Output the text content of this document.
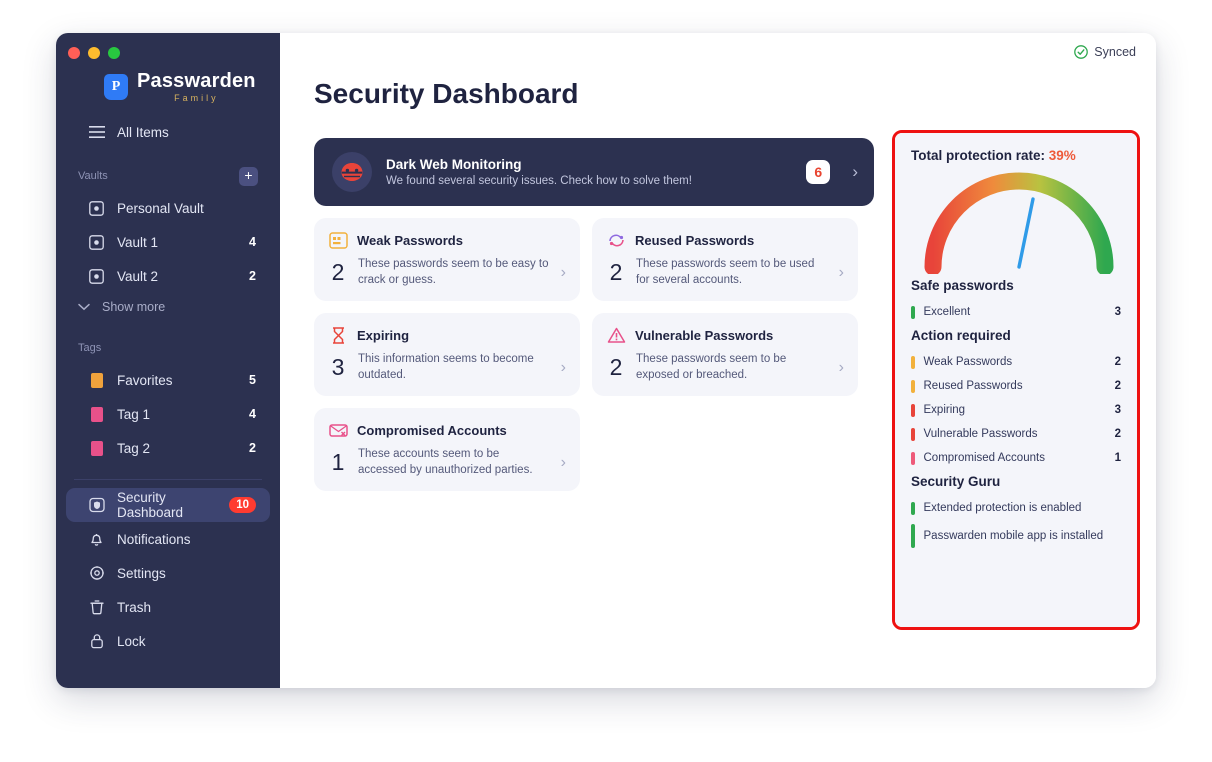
P Passwarden
Family
All Items
Vaults	+
Personal Vault
Vault 1	4
Vault 2	2
Show more
Tags
Favorites	5
Tag 1	4
Tag 2	2
Security Dashboard
10
Notifications
Settings
Trash
Lock
Synced
Security Dashboard
Dark Web Monitoring
We found several security issues. Check how to solve them!
6	›
Weak Passwords
2	These passwords seem to be easy to crack or guess.	›
Reused Passwords
2	These passwords seem to be used for several accounts.	›
Expiring
3	This information seems to become outdated.	›
Vulnerable Passwords
2	These passwords seem to be exposed or breached.	›
Compromised Accounts
1	These accounts seem to be accessed by unauthorized parties.	›
Total protection rate: 39%
Safe passwords
Excellent	3
Action required
Weak Passwords	2
Reused Passwords	2
Expiring	3
Vulnerable Passwords	2
Compromised Accounts	1
Security Guru
Extended protection is enabled
Passwarden mobile app is installed
